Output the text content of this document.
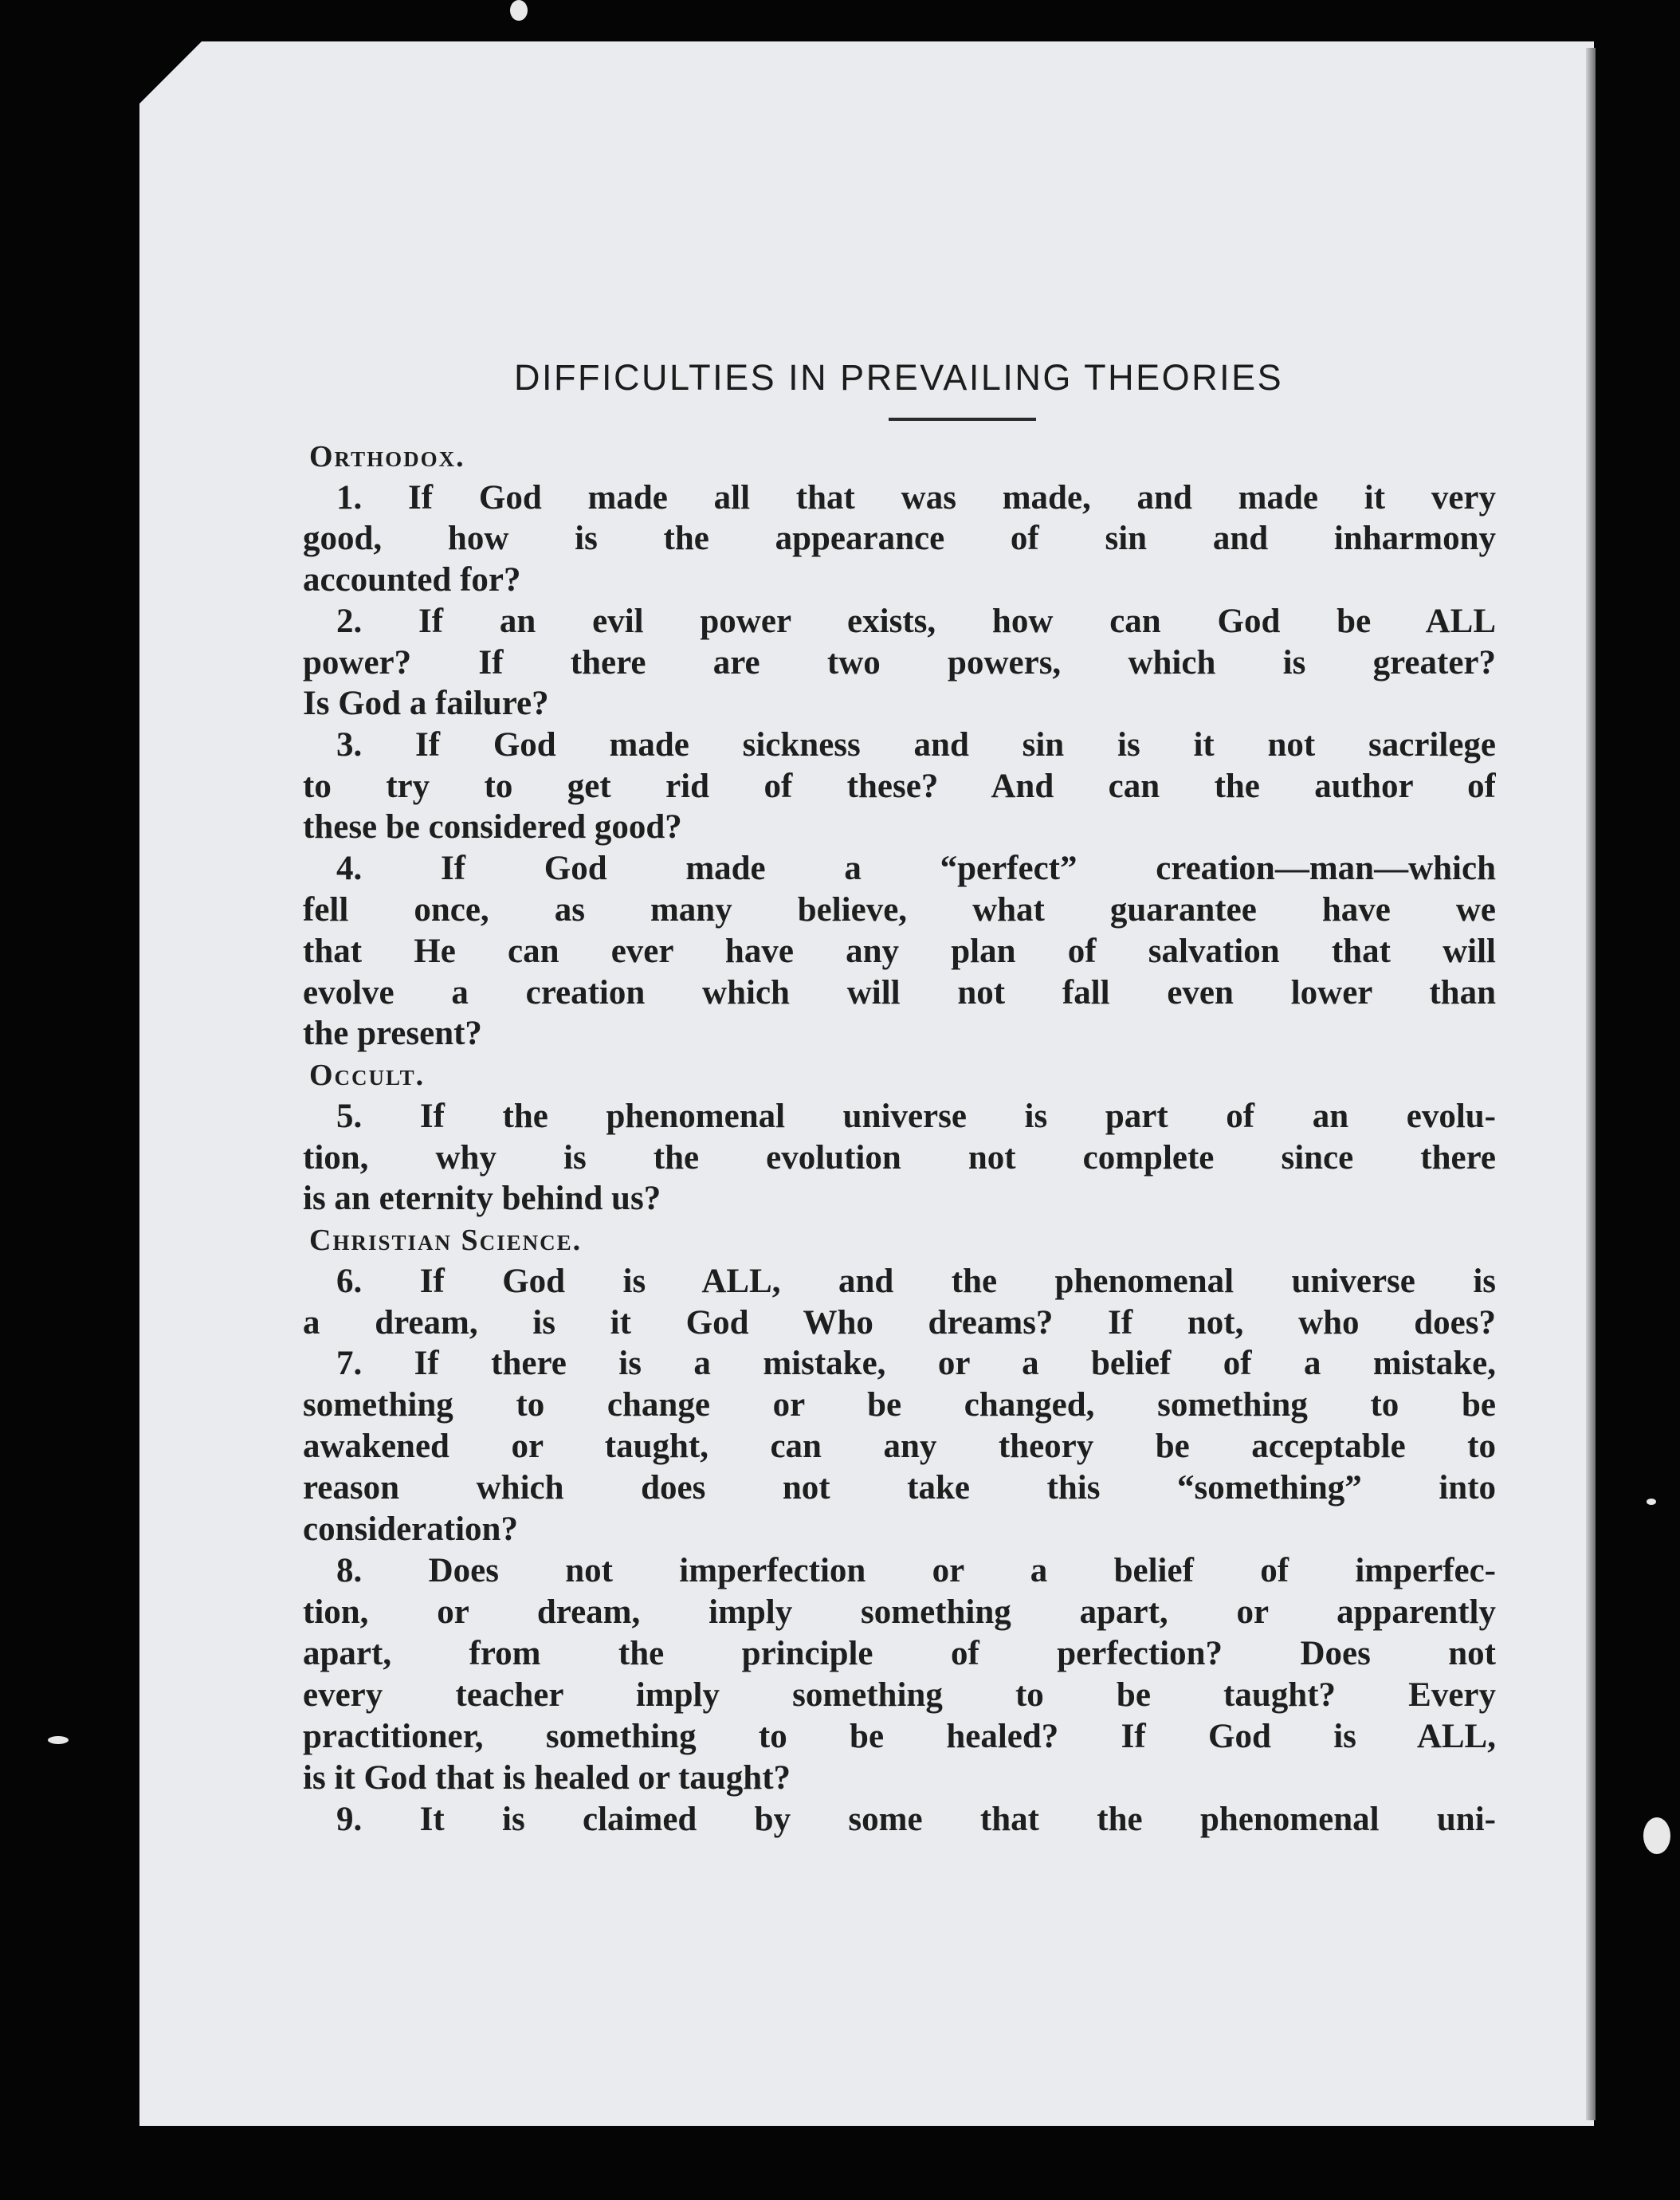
DIFFICULTIES IN PREVAILING THEORIES
Orthodox.
1. If God made all that was made, and made it very
good, how is the appearance of sin and inharmony
accounted for?
2. If an evil power exists, how can God be ALL
power? If there are two powers, which is greater?
Is God a failure?
3. If God made sickness and sin is it not sacrilege
to try to get rid of these? And can the author of
these be considered good?
4. If God made a “perfect” creation—man—which
fell once, as many believe, what guarantee have we
that He can ever have any plan of salvation that will
evolve a creation which will not fall even lower than
the present?
Occult.
5. If the phenomenal universe is part of an evolu-
tion, why is the evolution not complete since there
is an eternity behind us?
Christian Science.
6. If God is ALL, and the phenomenal universe is
a dream, is it God Who dreams? If not, who does?
7. If there is a mistake, or a belief of a mistake,
something to change or be changed, something to be
awakened or taught, can any theory be acceptable to
reason which does not take this “something” into
consideration?
8. Does not imperfection or a belief of imperfec-
tion, or dream, imply something apart, or apparently
apart, from the principle of perfection? Does not
every teacher imply something to be taught? Every
practitioner, something to be healed? If God is ALL,
is it God that is healed or taught?
9. It is claimed by some that the phenomenal uni-
